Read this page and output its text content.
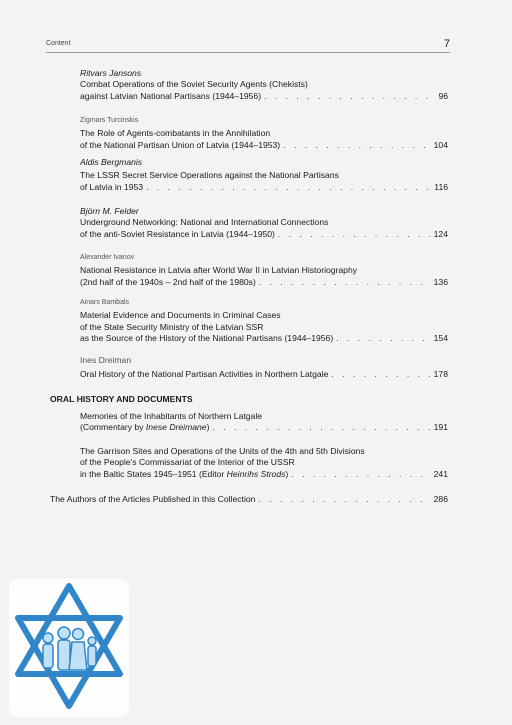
Content	7
Ritvars Jansons
Combat Operations of the Soviet Security Agents (Chekists)
against Latvian National Partisans (1944–1956) . . .	96
Zigmars Turcinskis
The Role of Agents-combatants in the Annihilation
of the National Partisan Union of Latvia (1944–1953) . . .	104
Aldis Bergmanis
The LSSR Secret Service Operations against the National Partisans
of Latvia in 1953 . . .	116
Björn M. Felder
Underground Networking: National and International Connections
of the anti-Soviet Resistance in Latvia (1944–1950) . . .	124
Alexander Ivanov
National Resistance in Latvia after World War II in Latvian Historiography
(2nd half of the 1940s – 2nd half of the 1980s) . . .	136
Ainars Bambals
Material Evidence and Documents in Criminal Cases
of the State Security Ministry of the Latvian SSR
as the Source of the History of the National Partisans (1944–1956) . . .	154
Ines Dreiman
Oral History of the National Partisan Activities in Northern Latgale . . .	178
ORAL HISTORY AND DOCUMENTS
Memories of the Inhabitants of Northern Latgale
(Commentary by Inese Dreimane) . . .	191
The Garrison Sites and Operations of the Units of the 4th and 5th Divisions
of the People's Commissariat of the Interior of the USSR
in the Baltic States 1945–1951 (Editor Heinrihs Strods) . . .	241
The Authors of the Articles Published in this Collection . . .	286
